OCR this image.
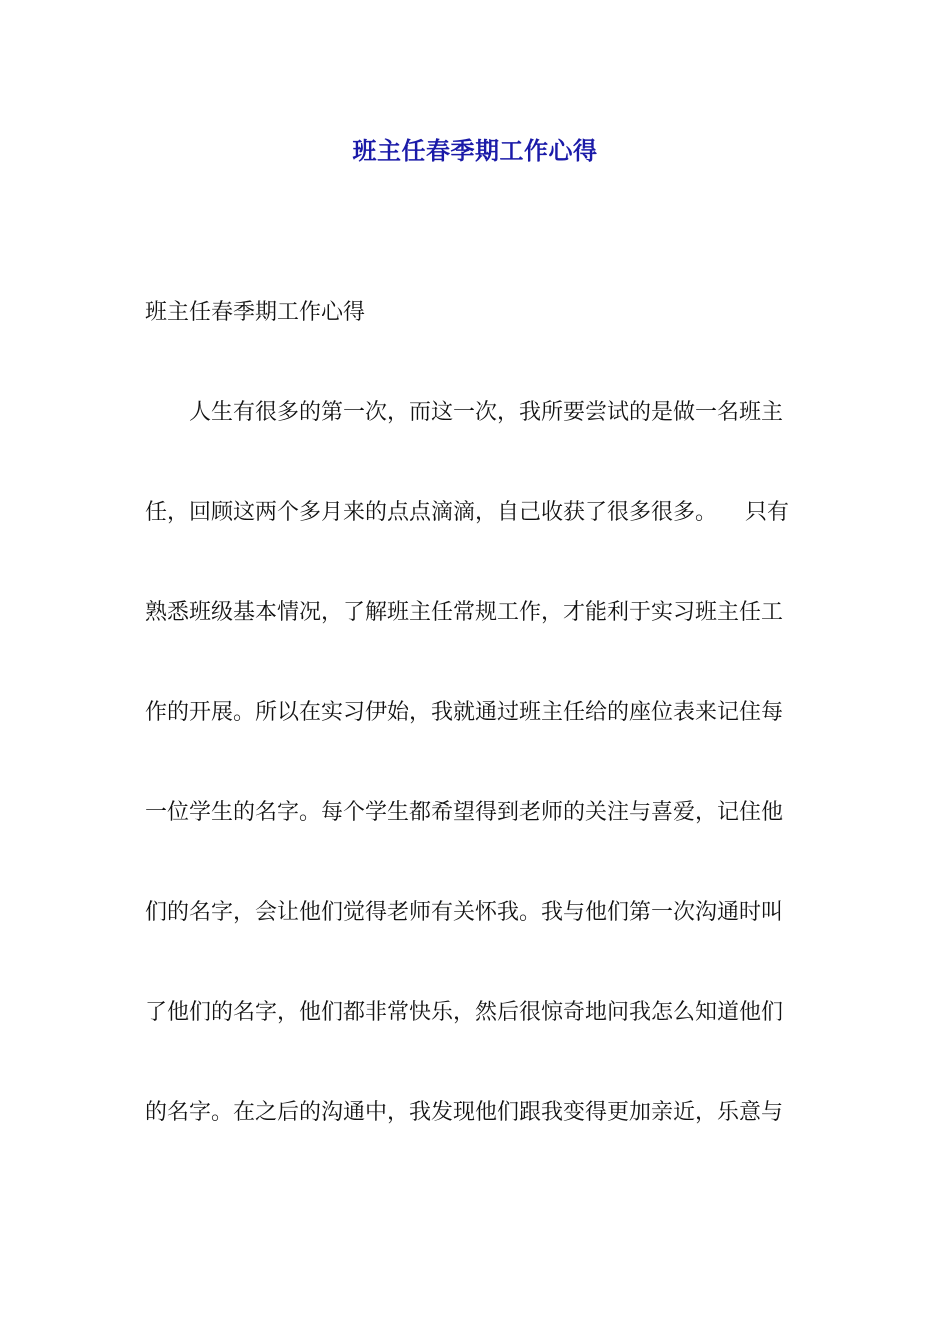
班主任春季期工作心得
班主任春季期工作心得
人生有很多的第一次，而这一次，我所要尝试的是做一名班主
任，回顾这两个多月来的点点滴滴，自己收获了很多很多。    只有
熟悉班级基本情况，了解班主任常规工作，才能利于实习班主任工
作的开展。所以在实习伊始，我就通过班主任给的座位表来记住每
一位学生的名字。每个学生都希望得到老师的关注与喜爱，记住他
们的名字，会让他们觉得老师有关怀我。我与他们第一次沟通时叫
了他们的名字，他们都非常快乐，然后很惊奇地问我怎么知道他们
的名字。在之后的沟通中，我发现他们跟我变得更加亲近，乐意与
